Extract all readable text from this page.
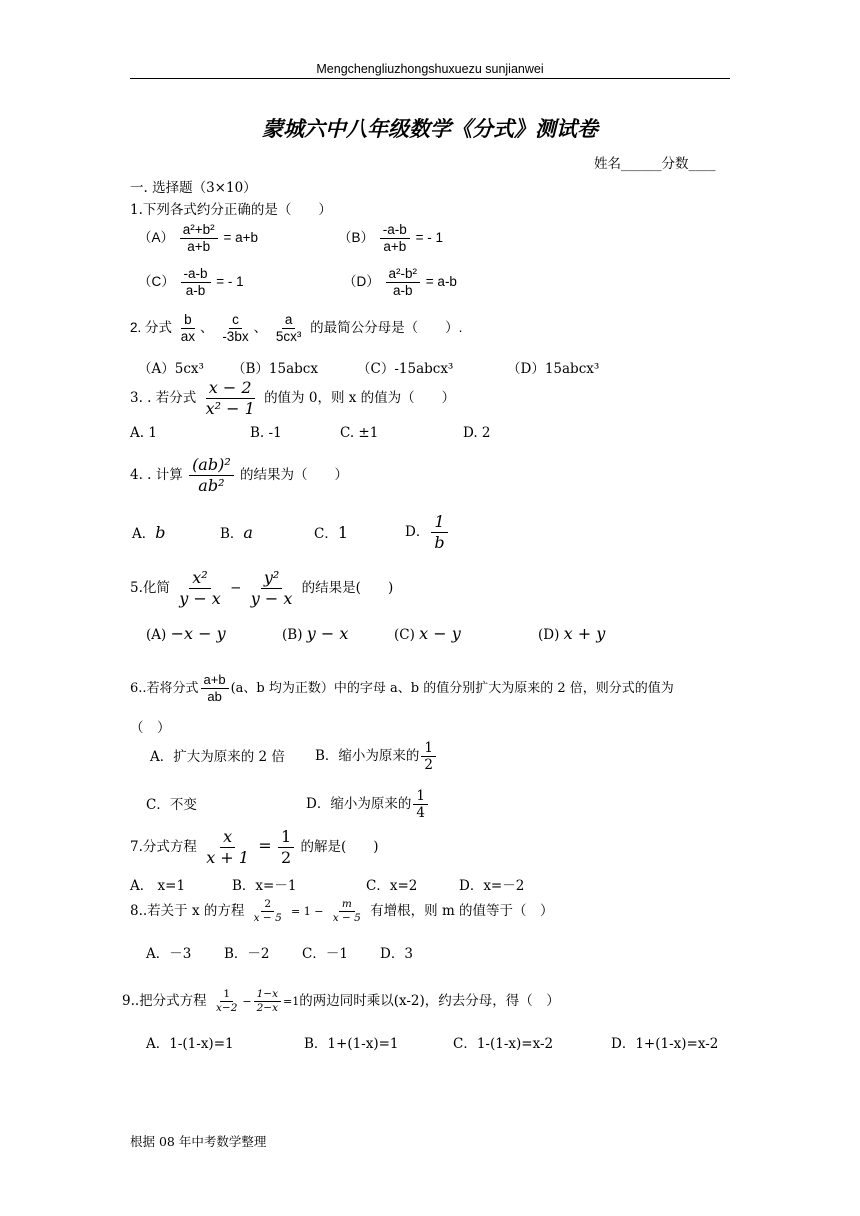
Mengchengliuzhongshuxuezu sunjianwei
蒙城六中八年级数学《分式》测试卷
姓名______分数____
一. 选择题（3×10）
1.下列各式约分正确的是（　　）
$(A) \frac{\text{a²+b²}}{a+b} = a+b$	$(B) \frac{-a-b}{a+b}$ = - 1
$(C) \frac{-a-b}{a-b}$ = - 1	$(D) \frac{\text{a²-b²}}{a-b} = a-b$
2. 分式 $\frac{b}{ax}$ 、 $\frac{c}{-3bx}$ 、 $\frac{a}{\text{5cx³}}$ 的最简公分母是（　　）.
（A）5cx³ （B）15abcx	（C）-15abcx³	（D）15abcx³
3. . 若分式 $\frac{x - 2}{\text{x² − 1}}$ 的值为 0，则 x 的值为（　　）
A. 1	B. -1	C. ±1	D. 2
4. . 计算 $\frac{\text{(ab)²}}{\text{ab²}}$ 的结果为（　　）
A．b	B．a	C．1	D． $\frac{1}{b}$
5.化简 $\frac{\text{x²}}{y - x} - \frac{\text{y²}}{y - x}$ 的结果是(　　)
(A) −x − y	(B) y − x	(C) x − y	(D) x + y
6..若将分式 $\frac{a+b}{ab} (a$、b 均为正数）中的字母 a、b 的值分别扩大为原来的 2 倍，则分式的值为
（　）
A．扩大为原来的 2 倍 B．缩小为原来的 $\frac{1}{2}$
C．不变	D．缩小为原来的 $\frac{1}{4}$
7.分式方程 $\frac{x}{x + 1} = \frac{1}{2}$ 的解是(　　)
A． x=1	B．x=－1	C．x=2	D．x=－2
8..若关于 x 的方程 $\frac{2}{x - 5} = 1 - \frac{m}{x - 5}$ 有增根，则 m 的值等于（　）
A．－3 B．－2 C．－1 D．3
9..把分式方程 $\frac{1}{x-2} - \frac{1-x}{2-x} =1$的两边同时乘以(x-2)，约去分母，得（　）
A．1-(1-x)=1	B．1+(1-x)=1	C．1-(1-x)=x-2	D．1+(1-x)=x-2
根据 08 年中考数学整理
